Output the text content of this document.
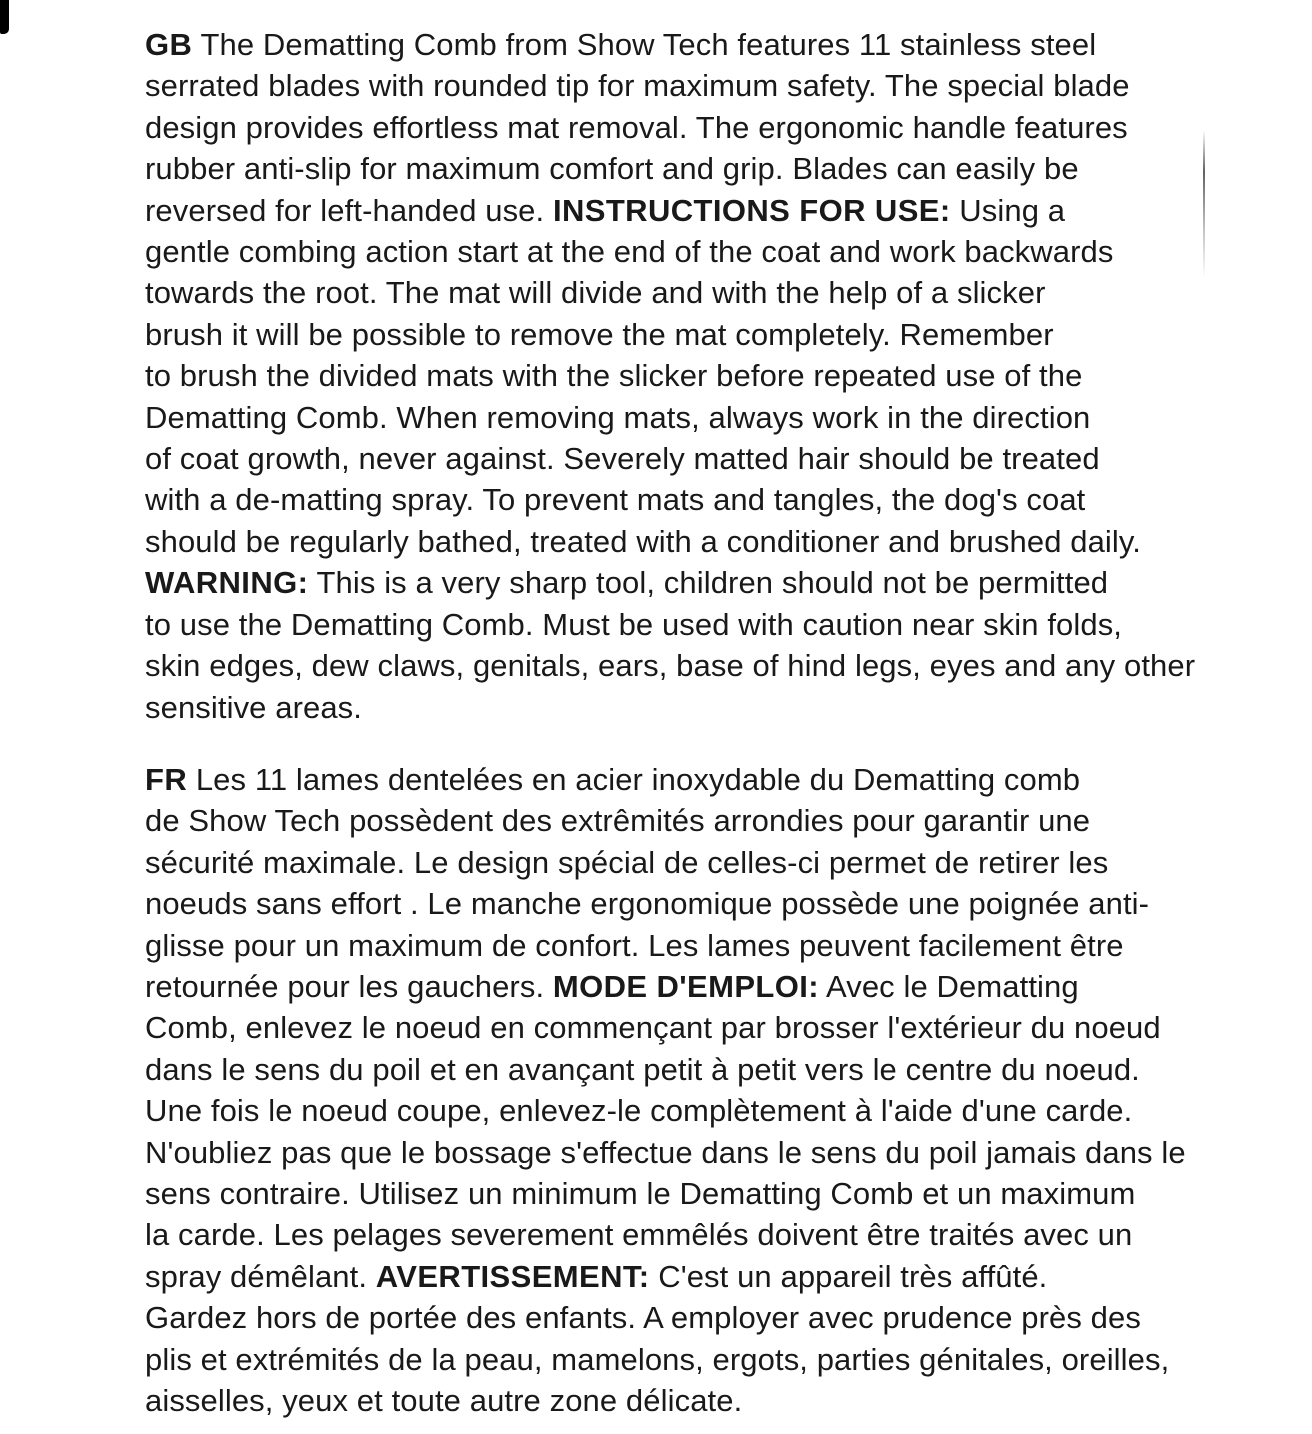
GB The Dematting Comb from Show Tech features 11 stainless steel
serrated blades with rounded tip for maximum safety. The special blade
design provides effortless mat removal. The ergonomic handle features
rubber anti-slip for maximum comfort and grip. Blades can easily be
reversed for left-handed use. INSTRUCTIONS FOR USE: Using a
gentle combing action start at the end of the coat and work backwards
towards the root. The mat will divide and with the help of a slicker
brush it will be possible to remove the mat completely. Remember
to brush the divided mats with the slicker before repeated use of the
Dematting Comb. When removing mats, always work in the direction
of coat growth, never against. Severely matted hair should be treated
with a de-matting spray. To prevent mats and tangles, the dog's coat
should be regularly bathed, treated with a conditioner and brushed daily.
WARNING: This is a very sharp tool, children should not be permitted
to use the Dematting Comb. Must be used with caution near skin folds,
skin edges, dew claws, genitals, ears, base of hind legs, eyes and any other
sensitive areas.
FR Les 11 lames dentelées en acier inoxydable du Dematting comb
de Show Tech possèdent des extrêmités arrondies pour garantir une
sécurité maximale. Le design spécial de celles-ci permet de retirer les
noeuds sans effort . Le manche ergonomique possède une poignée anti-
glisse pour un maximum de confort. Les lames peuvent facilement être
retournée pour les gauchers. MODE D'EMPLOI: Avec le Dematting
Comb, enlevez le noeud en commençant par brosser l'extérieur du noeud
dans le sens du poil et en avançant petit à petit vers le centre du noeud.
Une fois le noeud coupe, enlevez-le complètement à l'aide d'une carde.
N'oubliez pas que le bossage s'effectue dans le sens du poil jamais dans le
sens contraire. Utilisez un minimum le Dematting Comb et un maximum
la carde. Les pelages severement emmêlés doivent être traités avec un
spray démêlant. AVERTISSEMENT: C'est un appareil très affûté.
Gardez hors de portée des enfants. A employer avec prudence près des
plis et extrémités de la peau, mamelons, ergots, parties génitales, oreilles,
aisselles, yeux et toute autre zone délicate.
